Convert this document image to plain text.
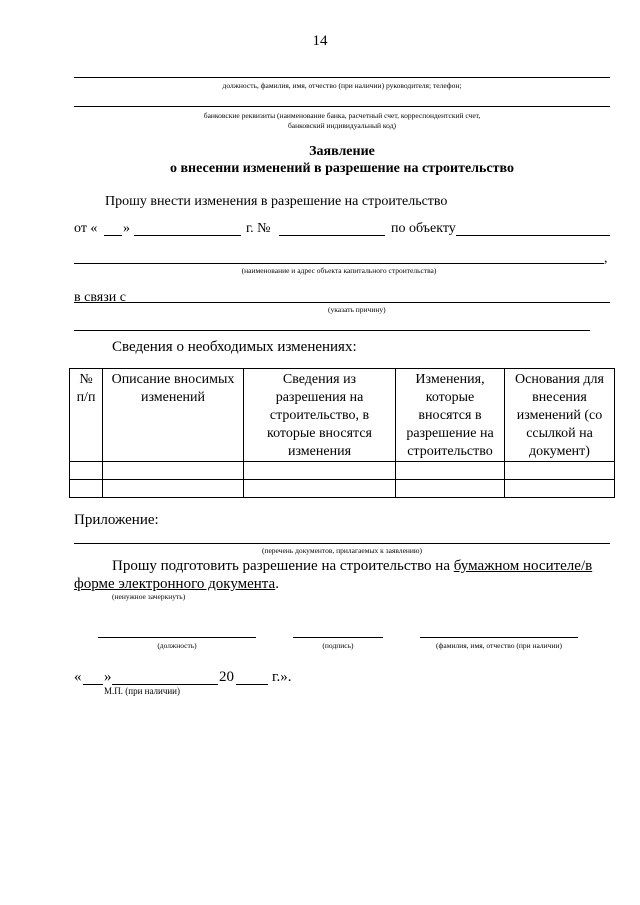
14
должность, фамилия, имя, отчество (при наличии) руководителя; телефон;
банковские реквизиты (наименование банка, расчетный счет, корреспондентский счет,
банковский индивидуальный код)
Заявление
о внесении изменений в разрешение на строительство
Прошу внести изменения в разрешение на строительство
от « »	г. №	по объекту
,
(наименование и адрес объекта капитального строительства)
в связи с
(указать причину)
Сведения о необходимых изменениях:
№ п/п	Описание вносимых изменений	Сведения из разрешения на строительство, в которые вносятся изменения	Изменения, которые вносятся в разрешение на строительство	Основания для внесения изменений (со ссылкой на документ)

Приложение:
(перечень документов, прилагаемых к заявлению)
Прошу подготовить разрешение на строительство на бумажном носителе/в
форме электронного документа.
(ненужное зачеркнуть)
(должность)	(подпись)	(фамилия, имя, отчество (при наличии)
« »	20	г.».
М.П. (при наличии)
